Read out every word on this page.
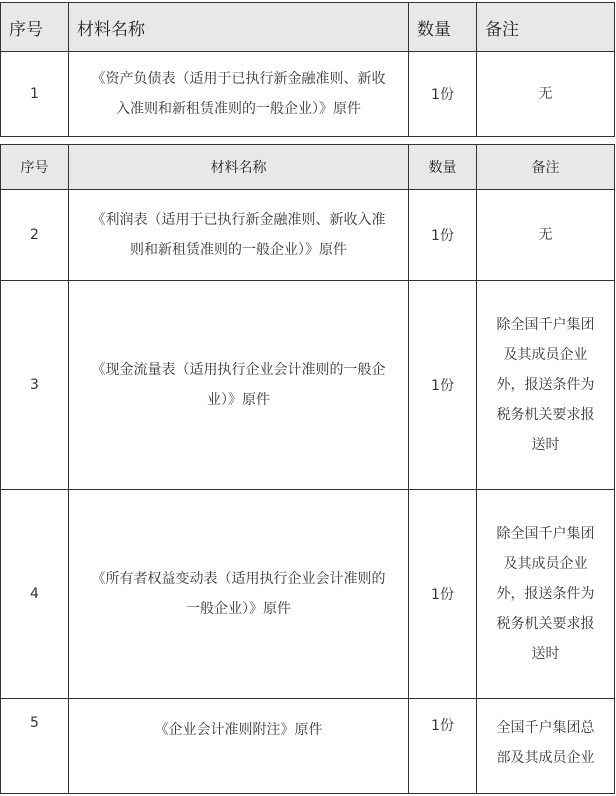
序号	材料名称	数量	备注
1	《资产负债表（适用于已执行新金融准则、新收
入准则和新租赁准则的一般企业）》原件	1份	无
序号	材料名称	数量	备注
2	《利润表（适用于已执行新金融准则、新收入准
则和新租赁准则的一般企业）》原件	1份	无

3	《现金流量表（适用执行企业会计准则的一般企
业）》原件	1份	除全国千户集团
及其成员企业
外，报送条件为
税务机关要求报
送时

4	《所有者权益变动表（适用执行企业会计准则的
一般企业）》原件	1份	除全国千户集团
及其成员企业
外，报送条件为
税务机关要求报
送时

5	《企业会计准则附注》原件	1份	全国千户集团总
部及其成员企业
